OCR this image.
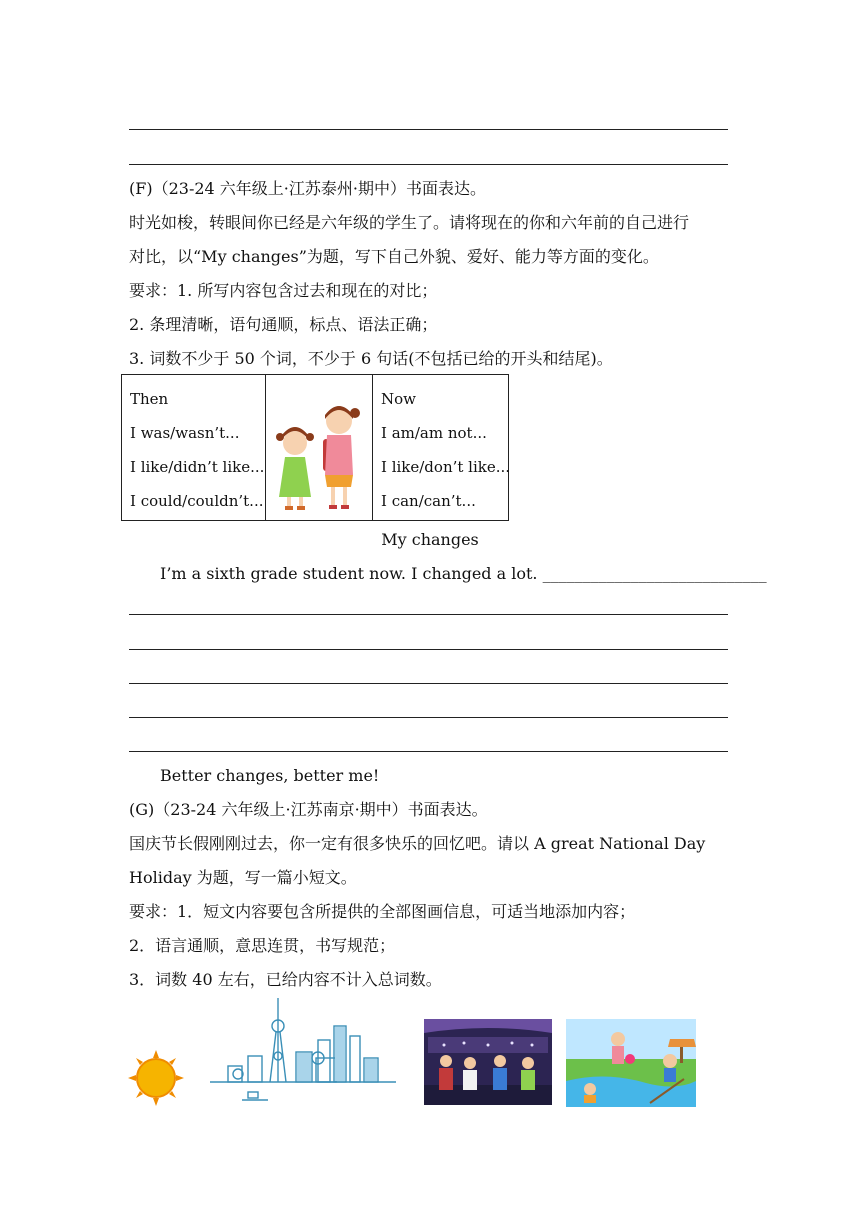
(F)（23-24 六年级上·江苏泰州·期中）书面表达。
时光如梭，转眼间你已经是六年级的学生了。请将现在的你和六年前的自己进行
对比，以“My changes”为题，写下自己外貌、爱好、能力等方面的变化。
要求：1. 所写内容包含过去和现在的对比；
2. 条理清晰，语句通顺，标点、语法正确；
3. 词数不少于 50 个词，不少于 6 句话(不包括已给的开头和结尾)。
Then
I was/wasn’t...
I like/didn’t like...
I could/couldn’t...
Now
I am/am not...
I like/don’t like...
I can/can’t...
My changes
I’m a sixth grade student now. I changed a lot. ____________________________
Better changes, better me!
(G)（23-24 六年级上·江苏南京·期中）书面表达。
国庆节长假刚刚过去，你一定有很多快乐的回忆吧。请以 A great National Day
Holiday 为题，写一篇小短文。
要求：1．短文内容要包含所提供的全部图画信息，可适当地添加内容；
2．语言通顺，意思连贯，书写规范；
3．词数 40 左右，已给内容不计入总词数。
